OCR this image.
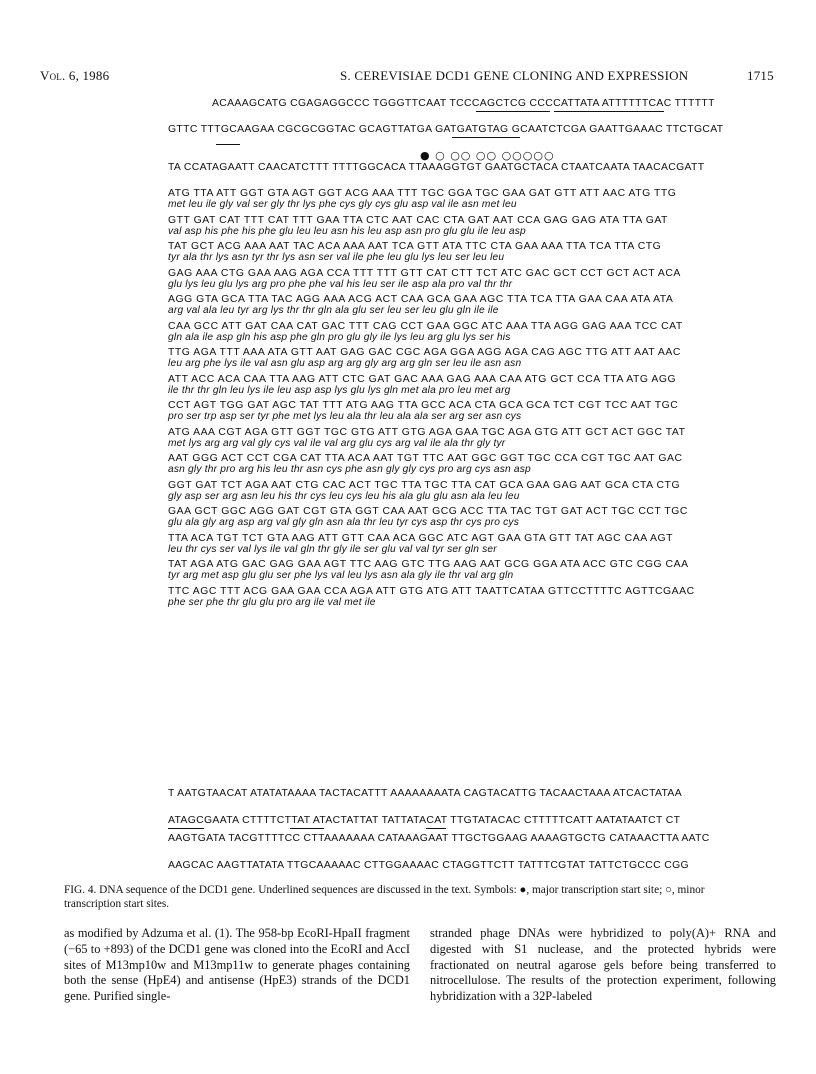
Vol. 6, 1986	S. CEREVISIAE DCD1 GENE CLONING AND EXPRESSION	1715
ACAAAGCATG CGAGAGGCCC TGGGTTCAAT TCCCAGCTCG CCCCATTATA ATTTTTTCAC TTTTTT
GTTC TTTGCAAGAA CGCGCGGTAC GCAGTTATGA GATGATGTAG GCAATCTCGA GAATTGAAAC TTCTGCAT
TA CCATAGAATT CAACATCTTT TTTTGGCACA TTAAAGGTGT GAATGCTACA CTAATCAATA TAACACGATT
● ○ ○○ ○○ ○○○○○
ATG TTA ATT GGT GTA AGT GGT ACG AAA TTT TGC GGA TGC GAA GAT GTT ATT AAC ATG TTG
met leu ile gly val ser gly thr lys phe cys gly cys glu asp val ile asn met leu
GTT GAT CAT TTT CAT TTT GAA TTA CTC AAT CAC CTA GAT AAT CCA GAG GAG ATA TTA GAT
val asp his phe his phe glu leu leu asn his leu asp asn pro glu glu ile leu asp
TAT GCT ACG AAA AAT TAC ACA AAA AAT TCA GTT ATA TTC CTA GAA AAA TTA TCA TTA CTG
tyr ala thr lys asn tyr thr lys asn ser val ile phe leu glu lys leu ser leu leu
GAG AAA CTG GAA AAG AGA CCA TTT TTT GTT CAT CTT TCT ATC GAC GCT CCT GCT ACT ACA
glu lys leu glu lys arg pro phe phe val his leu ser ile asp ala pro val thr thr
AGG GTA GCA TTA TAC AGG AAA ACG ACT CAA GCA GAA AGC TTA TCA TTA GAA CAA ATA ATA
arg val ala leu tyr arg lys thr thr gln ala glu ser leu ser leu glu gln ile ile
CAA GCC ATT GAT CAA CAT GAC TTT CAG CCT GAA GGC ATC AAA TTA AGG GAG AAA TCC CAT
gln ala ile asp gln his asp phe gln pro glu gly ile lys leu arg glu lys ser his
TTG AGA TTT AAA ATA GTT AAT GAG GAC CGC AGA GGA AGG AGA CAG AGC TTG ATT AAT AAC
leu arg phe lys ile val asn glu asp arg arg gly arg arg gln ser leu ile asn asn
ATT ACC ACA CAA TTA AAG ATT CTC GAT GAC AAA GAG AAA CAA ATG GCT CCA TTA ATG AGG
ile thr thr gln leu lys ile leu asp asp lys glu lys gln met ala pro leu met arg
CCT AGT TGG GAT AGC TAT TTT ATG AAG TTA GCC ACA CTA GCA GCA TCT CGT TCC AAT TGC
pro ser trp asp ser tyr phe met lys leu ala thr leu ala ala ser arg ser asn cys
ATG AAA CGT AGA GTT GGT TGC GTG ATT GTG AGA GAA TGC AGA GTG ATT GCT ACT GGC TAT
met lys arg arg val gly cys val ile val arg glu cys arg val ile ala thr gly tyr
AAT GGG ACT CCT CGA CAT TTA ACA AAT TGT TTC AAT GGC GGT TGC CCA CGT TGC AAT GAC
asn gly thr pro arg his leu thr asn cys phe asn gly gly cys pro arg cys asn asp
GGT GAT TCT AGA AAT CTG CAC ACT TGC TTA TGC TTA CAT GCA GAA GAG AAT GCA CTA CTG
gly asp ser arg asn leu his thr cys leu cys leu his ala glu glu asn ala leu leu
GAA GCT GGC AGG GAT CGT GTA GGT CAA AAT GCG ACC TTA TAC TGT GAT ACT TGC CCT TGC
glu ala gly arg asp arg val gly gln asn ala thr leu tyr cys asp thr cys pro cys
TTA ACA TGT TCT GTA AAG ATT GTT CAA ACA GGC ATC AGT GAA GTA GTT TAT AGC CAA AGT
leu thr cys ser val lys ile val gln thr gly ile ser glu val val tyr ser gln ser
TAT AGA ATG GAC GAG GAA AGT TTC AAG GTC TTG AAG AAT GCG GGA ATA ACC GTC CGG CAA
tyr arg met asp glu glu ser phe lys val leu lys asn ala gly ile thr val arg gln
TTC AGC TTT ACG GAA GAA CCA AGA ATT GTG ATG ATT TAATTCATAA GTTCCTTTTC AGTTCGAAC
phe ser phe thr glu glu pro arg ile val met ile
T AATGTAACAT ATATATAAAA TACTACATTT AAAAAAAATA CAGTACATTG TACAACTAAA ATCACTATAA
ATAGCGAATA CTTTTCTTAT ATACTATTAT TATTATACAT TTGTATACAC CTTTTTCATT AATATAATCT CT
AAGTGATA TACGTTTTCC CTTAAAAAAA CATAAAGAAT TTGCTGGAAG AAAAGTGCTG CATAAACTTA AATC
AAGCAC AAGTTATATA TTGCAAAAAC CTTGGAAAAC CTAGGTTCTT TATTTCGTAT TATTCTGCCC CGG
FIG. 4. DNA sequence of the DCD1 gene. Underlined sequences are discussed in the text. Symbols: ●, major transcription start site; ○, minor transcription start sites.
as modified by Adzuma et al. (1). The 958-bp EcoRI-HpaII fragment (−65 to +893) of the DCD1 gene was cloned into the EcoRI and AccI sites of M13mp10w and M13mp11w to generate phages containing both the sense (HpE4) and antisense (HpE3) strands of the DCD1 gene. Purified single-
stranded phage DNAs were hybridized to poly(A)+ RNA and digested with S1 nuclease, and the protected hybrids were fractionated on neutral agarose gels before being transferred to nitrocellulose. The results of the protection experiment, following hybridization with a 32P-labeled
